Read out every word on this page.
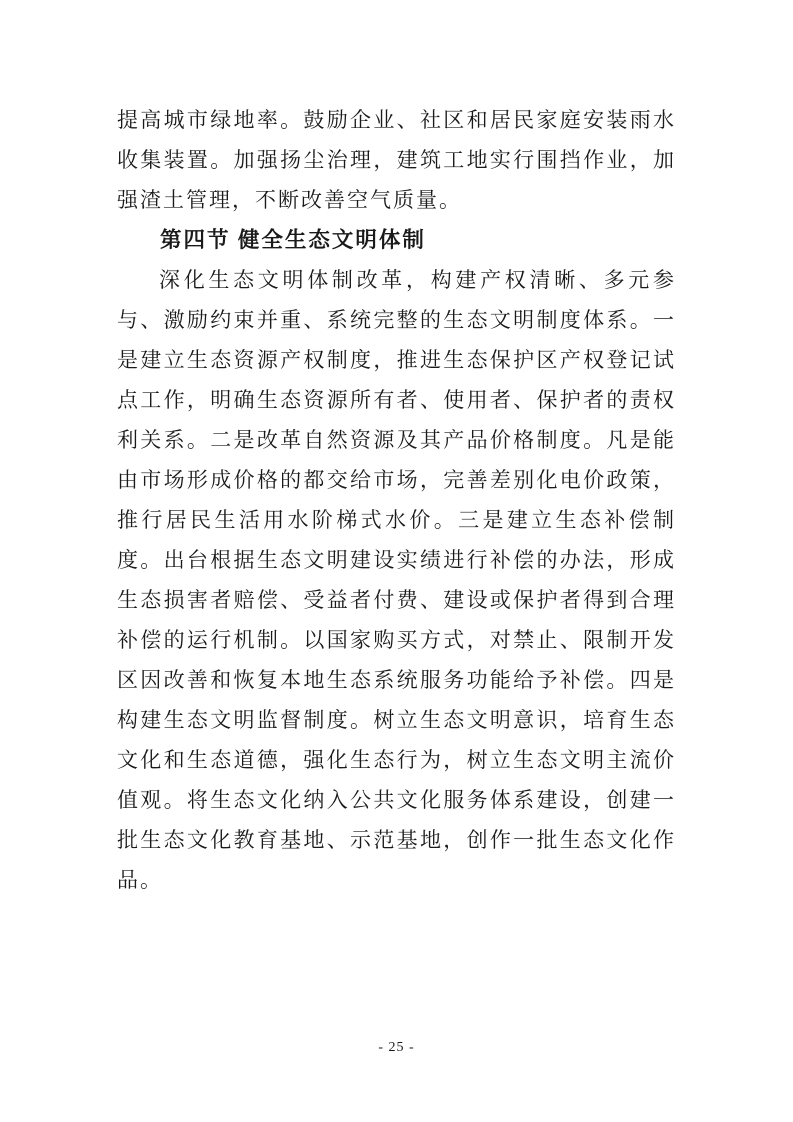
提高城市绿地率。鼓励企业、社区和居民家庭安装雨水收集装置。加强扬尘治理，建筑工地实行围挡作业，加强渣土管理，不断改善空气质量。

第四节 健全生态文明体制

深化生态文明体制改革，构建产权清晰、多元参与、激励约束并重、系统完整的生态文明制度体系。一是建立生态资源产权制度，推进生态保护区产权登记试点工作，明确生态资源所有者、使用者、保护者的责权利关系。二是改革自然资源及其产品价格制度。凡是能由市场形成价格的都交给市场，完善差别化电价政策，推行居民生活用水阶梯式水价。三是建立生态补偿制度。出台根据生态文明建设实绩进行补偿的办法，形成生态损害者赔偿、受益者付费、建设或保护者得到合理补偿的运行机制。以国家购买方式，对禁止、限制开发区因改善和恢复本地生态系统服务功能给予补偿。四是构建生态文明监督制度。树立生态文明意识，培育生态文化和生态道德，强化生态行为，树立生态文明主流价值观。将生态文化纳入公共文化服务体系建设，创建一批生态文化教育基地、示范基地，创作一批生态文化作品。

- 25 -
